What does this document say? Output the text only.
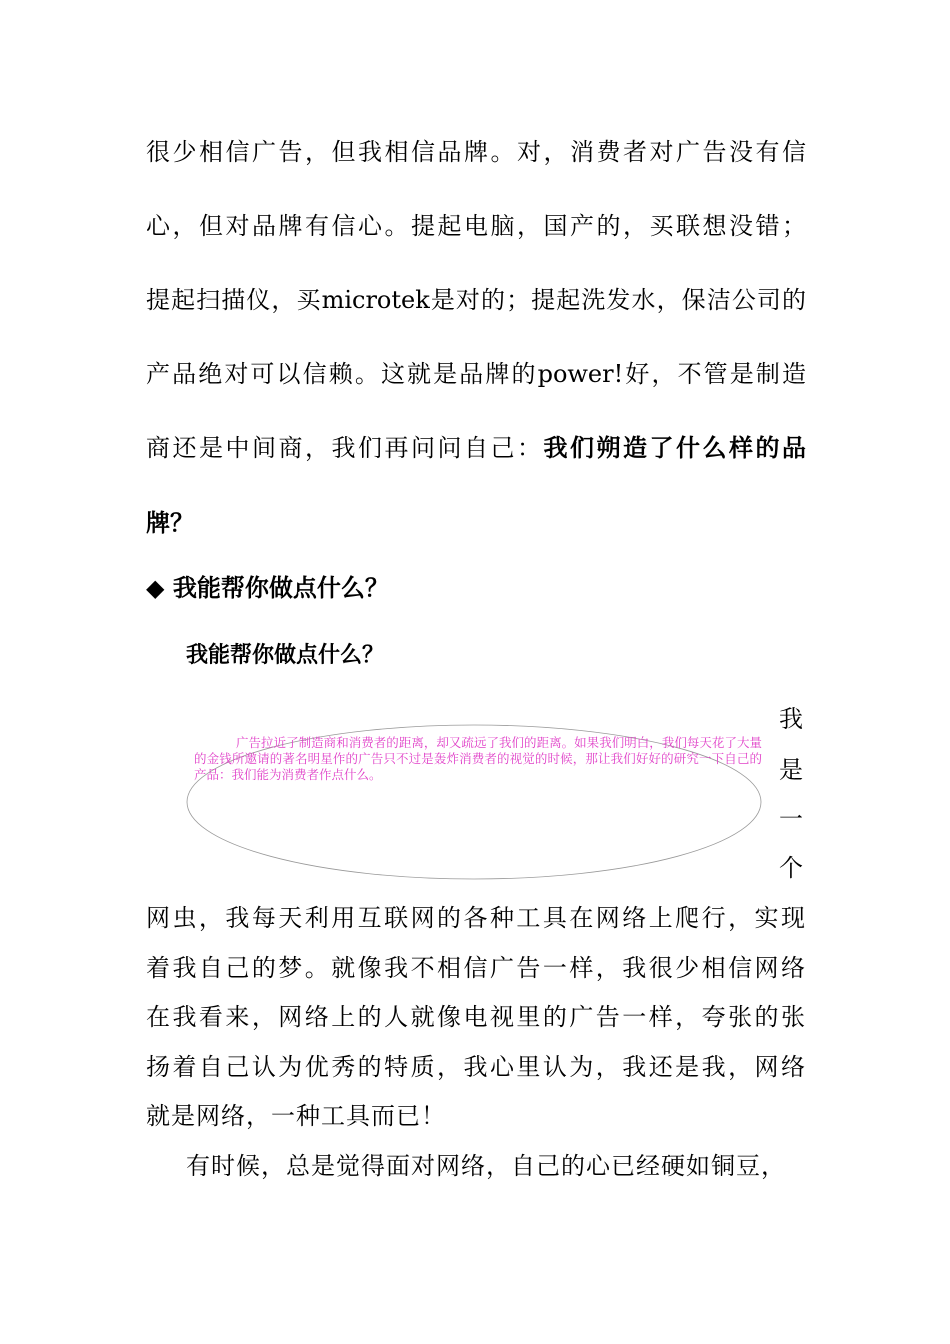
很少相信广告，但我相信品牌。对，消费者对广告没有信
心，但对品牌有信心。提起电脑，国产的，买联想没错；
提起扫描仪，买microtek是对的；提起洗发水，保洁公司的
产品绝对可以信赖。这就是品牌的power!好，不管是制造
商还是中间商，我们再问问自己：我们朔造了什么样的品
牌？
◆ 我能帮你做点什么？
我能帮你做点什么？
广告拉近了制造商和消费者的距离，却又疏远了我们的距离。如果我们明白，我们每天花了大量的金钱所邀请的著名明星作的广告只不过是轰炸消费者的视觉的时候，那让我们好好的研究一下自己的产品：我们能为消费者作点什么。
我
是
一
个
网虫，我每天利用互联网的各种工具在网络上爬行，实现
着我自己的梦。就像我不相信广告一样，我很少相信网络
在我看来，网络上的人就像电视里的广告一样，夸张的张
扬着自己认为优秀的特质，我心里认为，我还是我，网络
就是网络，一种工具而已！
有时候，总是觉得面对网络，自己的心已经硬如铜豆，
